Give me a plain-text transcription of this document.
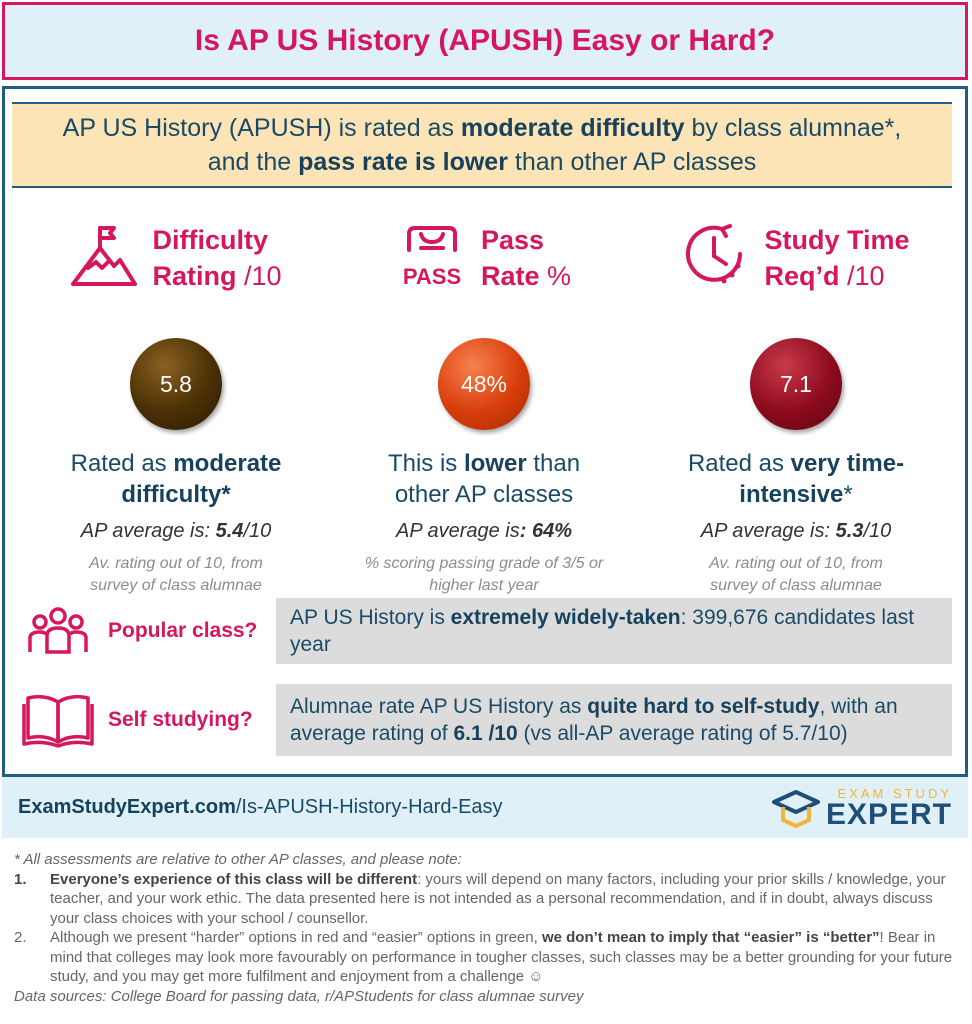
Is AP US History (APUSH) Easy or Hard?
AP US History (APUSH) is rated as moderate difficulty by class alumnae*, and the pass rate is lower than other AP classes
Difficulty
Rating /10
5.8
Rated as moderate difficulty*
AP average is: 5.4/10
Av. rating out of 10, from survey of class alumnae
PASS
Pass
Rate %
48%
This is lower than other AP classes
AP average is: 64%
% scoring passing grade of 3/5 or higher last year
Study Time
Req’d /10
7.1
Rated as very time-intensive*
AP average is: 5.3/10
Av. rating out of 10, from survey of class alumnae
Popular class?
AP US History is extremely widely-taken: 399,676 candidates last year
Self studying?
Alumnae rate AP US History as quite hard to self-study, with an average rating of 6.1 /10 (vs all-AP average rating of 5.7/10)
ExamStudyExpert.com/Is-APUSH-History-Hard-Easy
EXAM STUDY
EXPERT
* All assessments are relative to other AP classes, and please note:
1.	Everyone’s experience of this class will be different: yours will depend on many factors, including your prior skills / knowledge, your teacher, and your work ethic. The data presented here is not intended as a personal recommendation, and if in doubt, always discuss your class choices with your school / counsellor.
2.	Although we present “harder” options in red and “easier” options in green, we don’t mean to imply that “easier” is “better”! Bear in mind that colleges may look more favourably on performance in tougher classes, such classes may be a better grounding for your future study, and you may get more fulfilment and enjoyment from a challenge ☺
Data sources: College Board for passing data, r/APStudents for class alumnae survey
